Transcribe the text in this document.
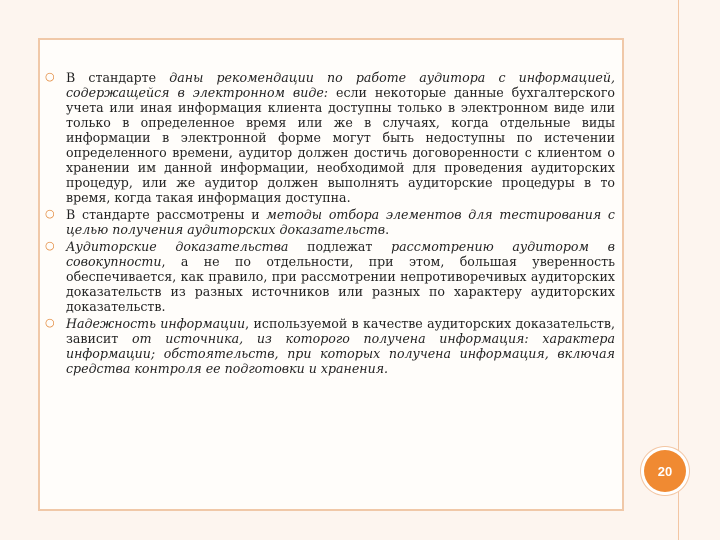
○ В стандарте даны рекомендации по работе аудитора с информацией, содержащейся в электронном виде: если некоторые данные бухгалтерского учета или иная информация клиента доступны только в электронном виде или только в определенное время или же в случаях, когда отдельные виды информации в электронной форме могут быть недоступны по истечении определенного времени, аудитор должен достичь договоренности с клиентом о хранении им данной информации, необходимой для проведения аудиторских процедур, или же аудитор должен выполнять аудиторские процедуры в то время, когда такая информация доступна.
○ В стандарте рассмотрены и методы отбора элементов для тестирования с целью получения аудиторских доказательств.
○ Аудиторские доказательства подлежат рассмотрению аудитором в совокупности, а не по отдельности, при этом, большая уверенность обеспечивается, как правило, при рассмотрении непротиворечивых аудиторских доказательств из разных источников или разных по характеру аудиторских доказательств.
○ Надежность информации, используемой в качестве аудиторских доказательств, зависит от источника, из которого получена информация: характера информации; обстоятельств, при которых получена информация, включая средства контроля ее подготовки и хранения.
20
